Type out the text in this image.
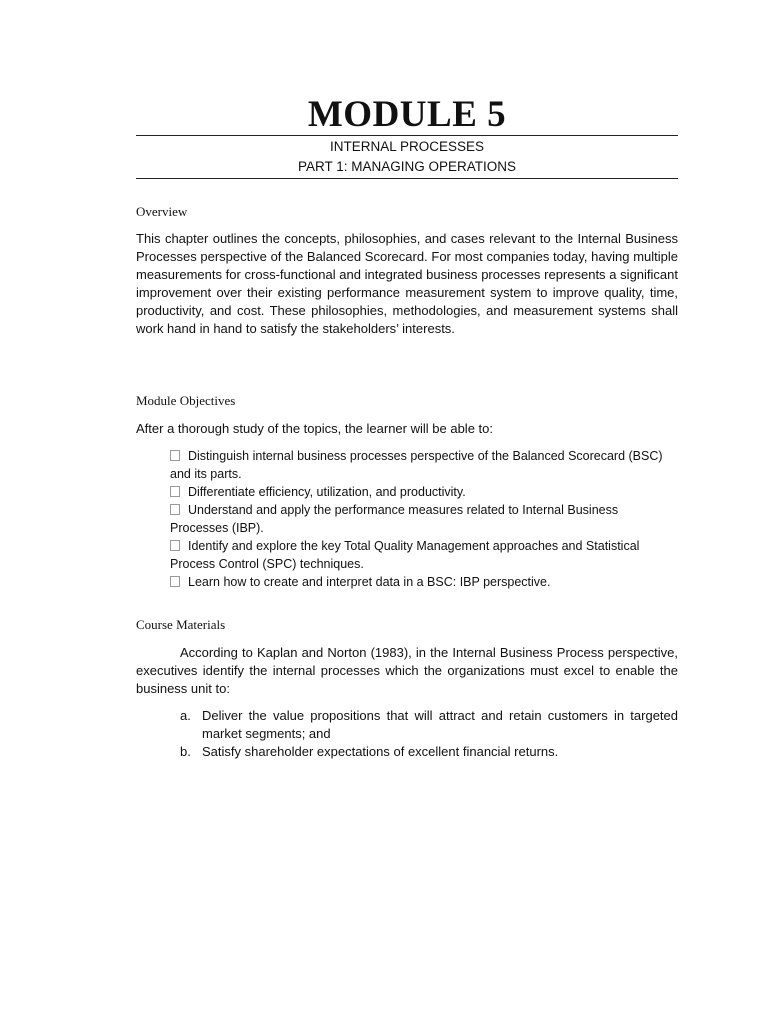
MODULE 5
INTERNAL PROCESSES
PART 1: MANAGING OPERATIONS
Overview

This chapter outlines the concepts, philosophies, and cases relevant to the Internal Business Processes perspective of the Balanced Scorecard. For most companies today, having multiple measurements for cross-functional and integrated business processes represents a significant improvement over their existing performance measurement system to improve quality, time, productivity, and cost. These philosophies, methodologies, and measurement systems shall work hand in hand to satisfy the stakeholders’ interests.

Module Objectives

After a thorough study of the topics, the learner will be able to:

Distinguish internal business processes perspective of the Balanced Scorecard (BSC) and its parts.
Differentiate efficiency, utilization, and productivity.
Understand and apply the performance measures related to Internal Business Processes (IBP).
Identify and explore the key Total Quality Management approaches and Statistical Process Control (SPC) techniques.
Learn how to create and interpret data in a BSC: IBP perspective.
Course Materials

According to Kaplan and Norton (1983), in the Internal Business Process perspective, executives identify the internal processes which the organizations must excel to enable the business unit to:

a. Deliver the value propositions that will attract and retain customers in targeted market segments; and
b. Satisfy shareholder expectations of excellent financial returns.
